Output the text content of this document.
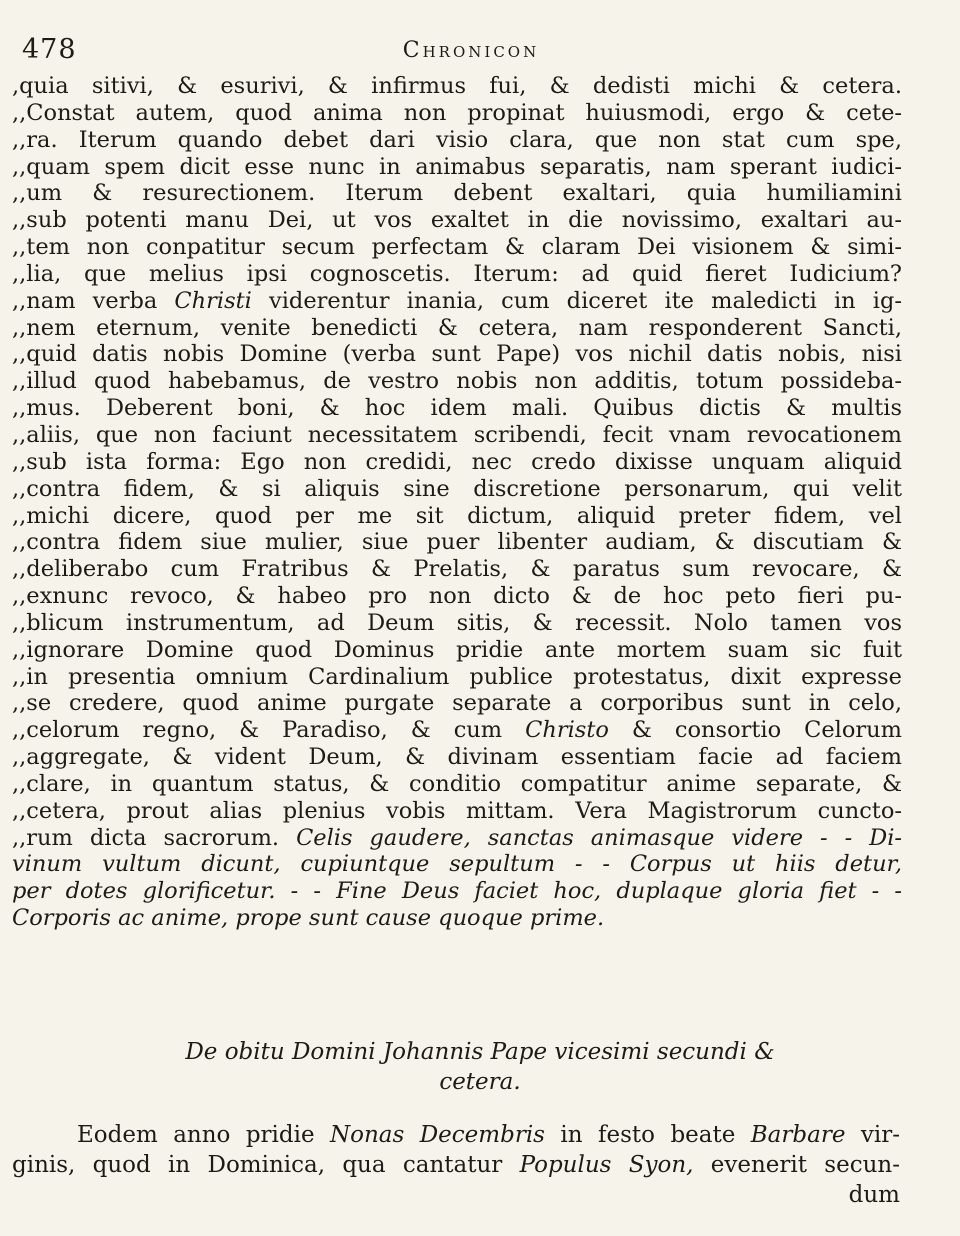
478	Chronicon
,quia sitivi, & esurivi, & infirmus fui, & dedisti michi & cetera.
,,Constat autem, quod anima non propinat huiusmodi, ergo & cete-
,,ra. Iterum quando debet dari visio clara, que non stat cum spe,
,,quam spem dicit esse nunc in animabus separatis, nam sperant iudici-
,,um & resurectionem. Iterum debent exaltari, quia humiliamini
,,sub potenti manu Dei, ut vos exaltet in die novissimo, exaltari au-
,,tem non conpatitur secum perfectam & claram Dei visionem & simi-
,,lia, que melius ipsi cognoscetis. Iterum: ad quid fieret Iudicium?
,,nam verba Christi viderentur inania, cum diceret ite maledicti in ig-
,,nem eternum, venite benedicti & cetera, nam responderent Sancti,
,,quid datis nobis Domine (verba sunt Pape) vos nichil datis nobis, nisi
,,illud quod habebamus, de vestro nobis non additis, totum possideba-
,,mus. Deberent boni, & hoc idem mali. Quibus dictis & multis
,,aliis, que non faciunt necessitatem scribendi, fecit vnam revocationem
,,sub ista forma: Ego non credidi, nec credo dixisse unquam aliquid
,,contra fidem, & si aliquis sine discretione personarum, qui velit
,,michi dicere, quod per me sit dictum, aliquid preter fidem, vel
,,contra fidem siue mulier, siue puer libenter audiam, & discutiam &
,,deliberabo cum Fratribus & Prelatis, & paratus sum revocare, &
,,exnunc revoco, & habeo pro non dicto & de hoc peto fieri pu-
,,blicum instrumentum, ad Deum sitis, & recessit. Nolo tamen vos
,,ignorare Domine quod Dominus pridie ante mortem suam sic fuit
,,in presentia omnium Cardinalium publice protestatus, dixit expresse
,,se credere, quod anime purgate separate a corporibus sunt in celo,
,,celorum regno, & Paradiso, & cum Christo & consortio Celorum
,,aggregate, & vident Deum, & divinam essentiam facie ad faciem
,,clare, in quantum status, & conditio compatitur anime separate, &
,,cetera, prout alias plenius vobis mittam. Vera Magistrorum cuncto-
,,rum dicta sacrorum. Celis gaudere, sanctas animasque videre - - Di-
vinum vultum dicunt, cupiuntque sepultum - - Corpus ut hiis detur,
per dotes glorificetur. - - Fine Deus faciet hoc, duplaque gloria fiet - -
Corporis ac anime, prope sunt cause quoque prime.
De obitu Domini Johannis Pape vicesimi secundi &
cetera.
Eodem anno pridie Nonas Decembris in festo beate Barbare vir-
ginis, quod in Dominica, qua cantatur Populus Syon, evenerit secun-
dum
